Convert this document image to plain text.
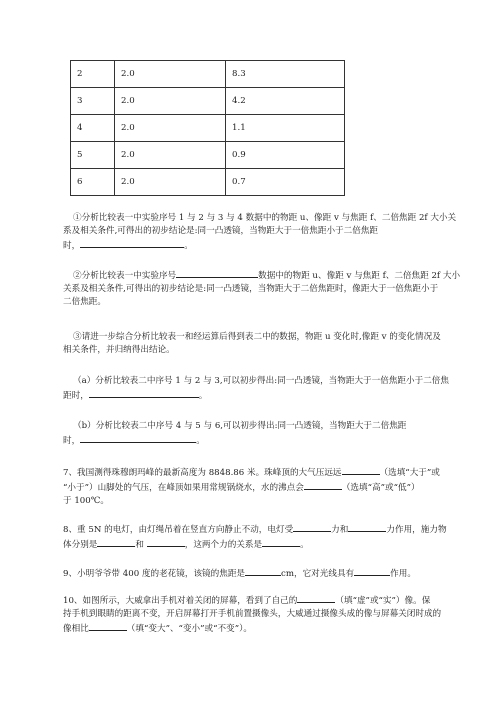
2	2.0	8.3
3	2.0	4.2
4	2.0	1.1
5	2.0	0.9
6	2.0	0.7

①分析比较表一中实验序号 1 与 2 与 3 与 4 数据中的物距 u、像距 v 与焦距 f、二倍焦距 2f 大小关

系及相关条件,可得出的初步结论是:同一凸透镜，当物距大于一倍焦距小于二倍焦距

时，	。

②分析比较表一中实验序号	数据中的物距 u、像距 v 与焦距 f、二倍焦距 2f 大小

关系及相关条件,可得出的初步结论是:同一凸透镜，当物距大于二倍焦距时，像距大于一倍焦距小于

二倍焦距。

③请进一步综合分析比较表一和经运算后得到表二中的数据，物距 u 变化时,像距 v 的变化情况及

相关条件，并归纳得出结论。

（a）分析比较表二中序号 1 与 2 与 3,可以初步得出:同一凸透镜，当物距大于一倍焦距小于二倍焦

距时，	。

（b）分析比较表二中序号 4 与 5 与 6,可以初步得出:同一凸透镜，当物距大于二倍焦距

时，	。

7、我国测得珠穆朗玛峰的最新高度为 8848.86 米。珠峰顶的大气压远远	（选填“大于”或

“小于”）山脚处的气压，在峰顶如果用常规锅烧水，水的沸点会	（选填“高”或“低”）

于 100℃。

8、重 5N 的电灯，由灯绳吊着在竖直方向静止不动，电灯受	力和	力作用，施力物

体分别是	和	，这两个力的关系是	。

9、小明爷爷带 400 度的老花镜，该镜的焦距是	cm，它对光线具有	作用。

10、如图所示，大威拿出手机对着关闭的屏幕，看到了自己的	（填“虚”或“实”）像。保

持手机到眼睛的距离不变，开启屏幕打开手机前置摄像头，大威通过摄像头成的像与屏幕关闭时成的

像相比	（填“变大”、“变小”或“不变”）。
